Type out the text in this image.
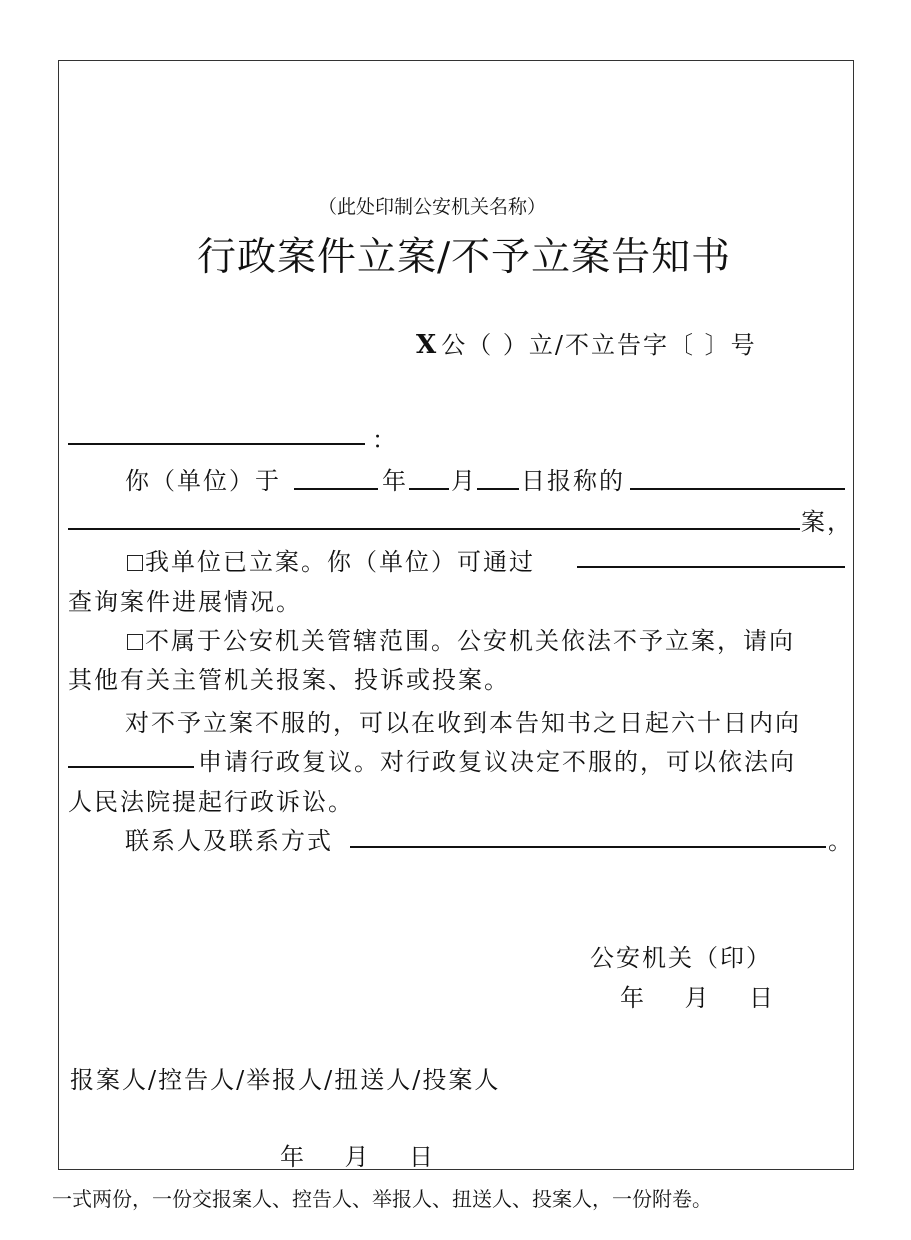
（此处印制公安机关名称）
行政案件立案/不予立案告知书
X 公（ ）立/不立告字〔 〕号
：
你（单位）于	年 月 日报称的
案，
我单位已立案。你（单位）可通过
查询案件进展情况。
不属于公安机关管辖范围。公安机关依法不予立案，请向
其他有关主管机关报案、投诉或投案。
对不予立案不服的，可以在收到本告知书之日起六十日内向
申请行政复议。对行政复议决定不服的，可以依法向
人民法院提起行政诉讼。
联系人及联系方式	。
公安机关（印）
年    月    日
报案人/控告人/举报人/扭送人/投案人
年    月    日
一式两份，一份交报案人、控告人、举报人、扭送人、投案人，一份附卷。
